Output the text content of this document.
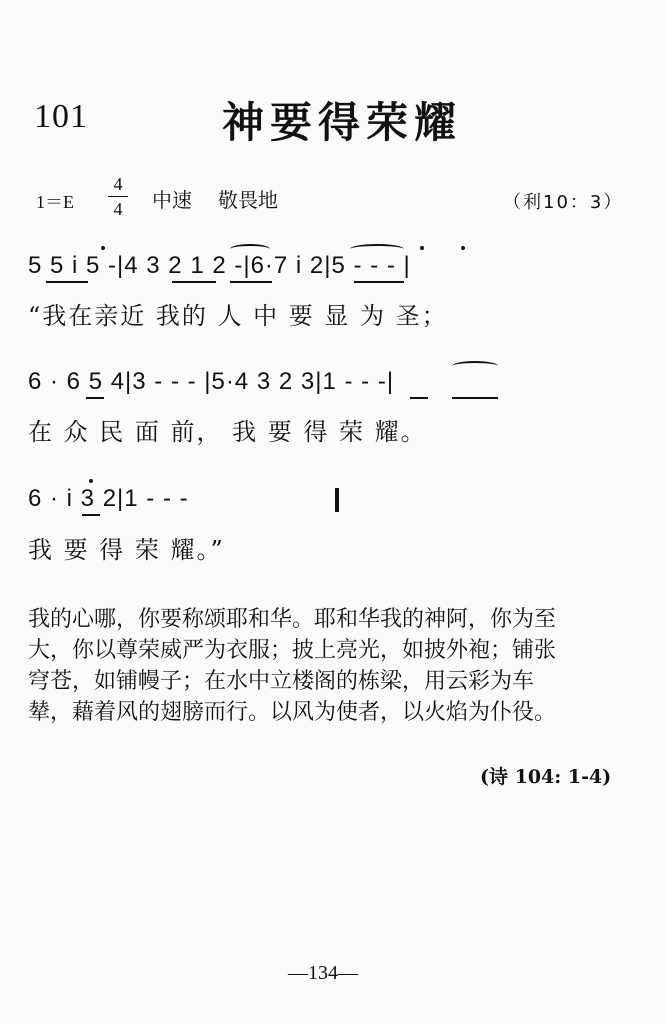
101	神要得荣耀
1＝E
4
4 中速 敬畏地	（利10：3）
5 5 i 5 -|4 3 2 1 2 -|6·7 i 2|5 - - - |
“我在亲近 我的 人 中 要 显 为 圣；
6 · 6 5 4|3 - - - |5·4 3 2 3|1 - - -|
在 众 民 面 前， 我 要 得 荣 耀。
6 · i 3 2|1 - - -
我 要 得 荣 耀。”
我的心哪，你要称颂耶和华。耶和华我的神阿，你为至
大，你以尊荣威严为衣服；披上亮光，如披外袍；铺张
穹苍，如铺幔子；在水中立楼阁的栋梁，用云彩为车
辇，藉着风的翅膀而行。以风为使者，以火焰为仆役。
(诗 104: 1-4)
—134—
